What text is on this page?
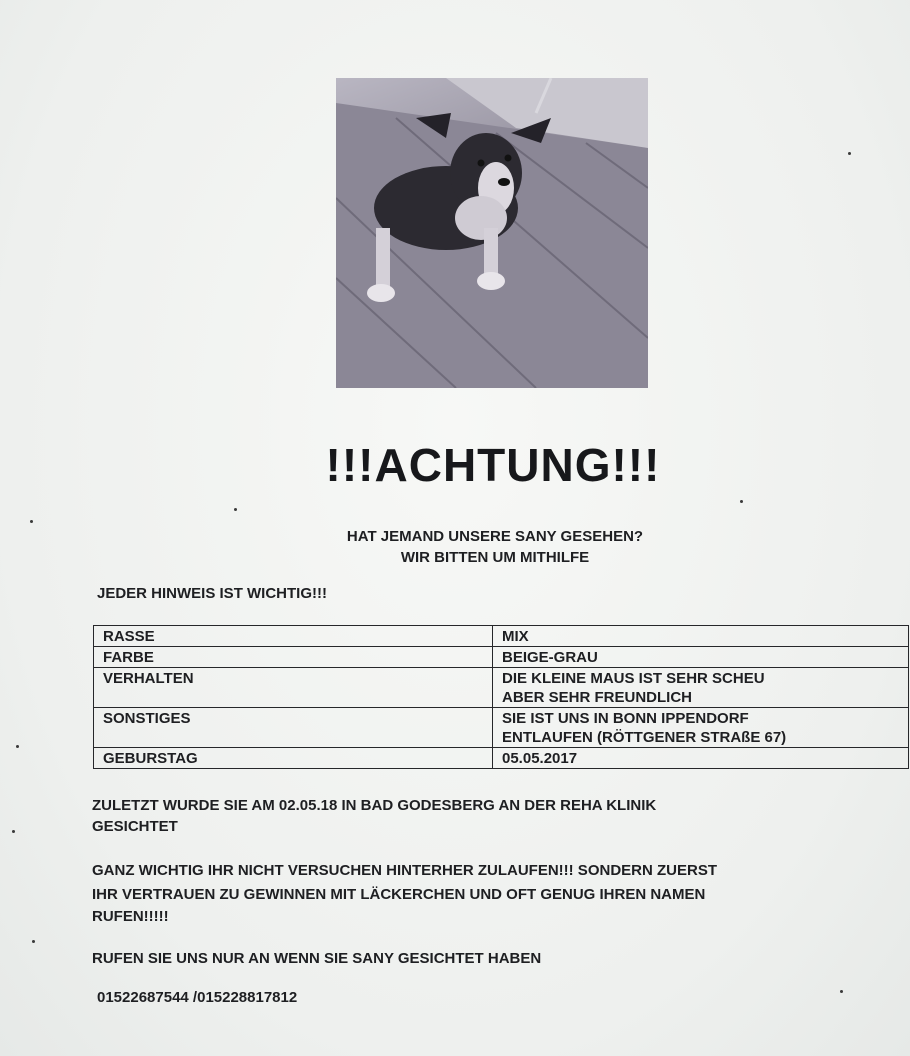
!!!ACHTUNG!!!
HAT JEMAND UNSERE SANY GESEHEN?
WIR BITTEN UM MITHILFE
JEDER HINWEIS IST WICHTIG!!!
RASSE	MIX

FARBE	BEIGE-GRAU

VERHALTEN	DIE KLEINE MAUS IST SEHR SCHEU
ABER SEHR FREUNDLICH

SONSTIGES	SIE IST UNS IN BONN IPPENDORF
ENTLAUFEN (RÖTTGENER STRAßE 67)

GEBURSTAG	05.05.2017
ZULETZT WURDE SIE AM 02.05.18 IN BAD GODESBERG AN DER REHA KLINIK
GESICHTET
GANZ WICHTIG IHR NICHT VERSUCHEN HINTERHER ZULAUFEN!!! SONDERN ZUERST
IHR VERTRAUEN ZU GEWINNEN MIT LÄCKERCHEN UND OFT GENUG IHREN NAMEN
RUFEN!!!!!
RUFEN SIE UNS NUR AN WENN SIE SANY GESICHTET HABEN
01522687544 /015228817812
